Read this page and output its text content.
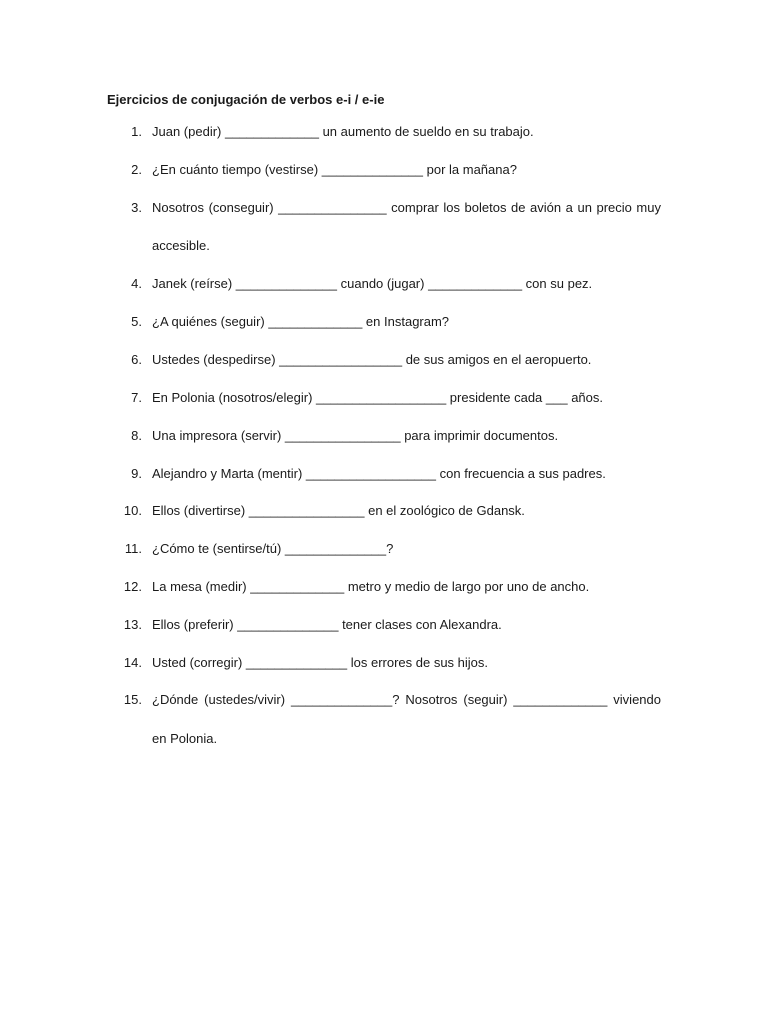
Ejercicios de conjugación de verbos e-i / e-ie
1. Juan (pedir) _____________ un aumento de sueldo en su trabajo.
2. ¿En cuánto tiempo (vestirse) ______________ por la mañana?
3. Nosotros (conseguir) _______________ comprar los boletos de avión a un precio muy
accesible.
4. Janek (reírse) ______________ cuando (jugar) _____________ con su pez.
5. ¿A quiénes (seguir) _____________ en Instagram?
6. Ustedes (despedirse) _________________ de sus amigos en el aeropuerto.
7. En Polonia (nosotros/elegir) __________________ presidente cada ___ años.
8. Una impresora (servir) ________________ para imprimir documentos.
9. Alejandro y Marta (mentir) __________________ con frecuencia a sus padres.
10. Ellos (divertirse) ________________ en el zoológico de Gdansk.
11. ¿Cómo te (sentirse/tú) ______________?
12. La mesa (medir) _____________ metro y medio de largo por uno de ancho.
13. Ellos (preferir) ______________ tener clases con Alexandra.
14. Usted (corregir) ______________ los errores de sus hijos.
15. ¿Dónde (ustedes/vivir) ______________? Nosotros (seguir) _____________ viviendo
en Polonia.
